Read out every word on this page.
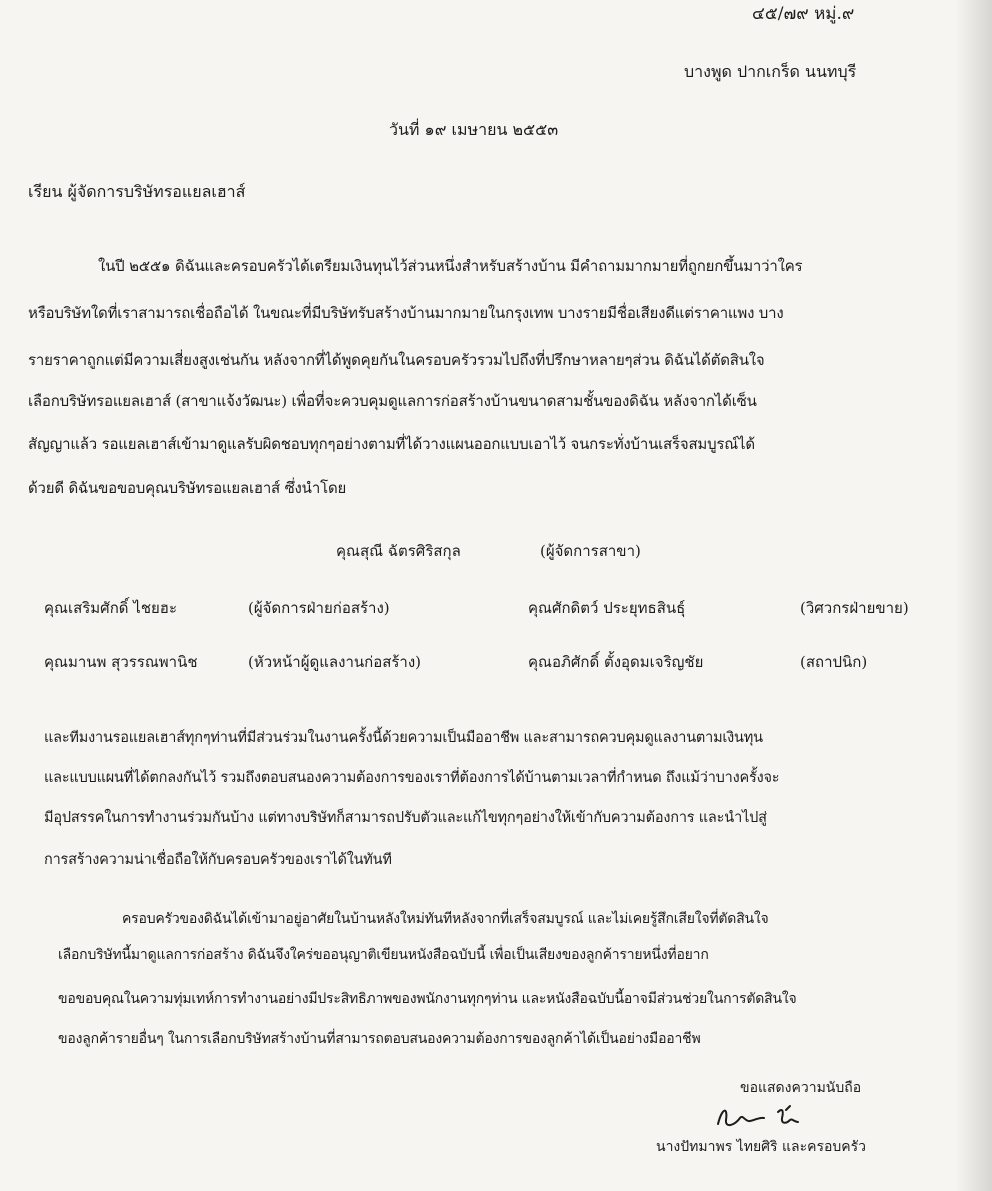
๔๕/๗๙ หมู่.๙
บางพูด ปากเกร็ด นนทบุรี
วันที่ ๑๙ เมษายน ๒๕๕๓
เรียน ผู้จัดการบริษัทรอแยลเฮาส์
ในปี ๒๕๕๑ ดิฉันและครอบครัวได้เตรียมเงินทุนไว้ส่วนหนึ่งสำหรับสร้างบ้าน มีคำถามมากมายที่ถูกยกขึ้นมาว่าใคร
หรือบริษัทใดที่เราสามารถเชื่อถือได้ ในขณะที่มีบริษัทรับสร้างบ้านมากมายในกรุงเทพ บางรายมีชื่อเสียงดีแต่ราคาแพง บาง
รายราคาถูกแต่มีความเสี่ยงสูงเช่นกัน หลังจากที่ได้พูดคุยกันในครอบครัวรวมไปถึงที่ปรึกษาหลายๆส่วน ดิฉันได้ตัดสินใจ
เลือกบริษัทรอแยลเฮาส์ (สาขาแจ้งวัฒนะ) เพื่อที่จะควบคุมดูแลการก่อสร้างบ้านขนาดสามชั้นของดิฉัน หลังจากได้เซ็น
สัญญาแล้ว รอแยลเฮาส์เข้ามาดูแลรับผิดชอบทุกๆอย่างตามที่ได้วางแผนออกแบบเอาไว้ จนกระทั่งบ้านเสร็จสมบูรณ์ได้
ด้วยดี ดิฉันขอขอบคุณบริษัทรอแยลเฮาส์ ซึ่งนำโดย
คุณสุณี ฉัตรศิริสกุล	(ผู้จัดการสาขา)
คุณเสริมศักดิ์ ไชยฮะ	(ผู้จัดการฝ่ายก่อสร้าง)	คุณศักดิตว์ ประยุทธสินธุ์	(วิศวกรฝ่ายขาย)
คุณมานพ สุวรรณพานิช	(หัวหน้าผู้ดูแลงานก่อสร้าง)	คุณอภิศักดิ์ ตั้งอุดมเจริญชัย	(สถาปนิก)
และทีมงานรอแยลเฮาส์ทุกๆท่านที่มีส่วนร่วมในงานครั้งนี้ด้วยความเป็นมืออาชีพ และสามารถควบคุมดูแลงานตามเงินทุน
และแบบแผนที่ได้ตกลงกันไว้ รวมถึงตอบสนองความต้องการของเราที่ต้องการได้บ้านตามเวลาที่กำหนด ถึงแม้ว่าบางครั้งจะ
มีอุปสรรคในการทำงานร่วมกันบ้าง แต่ทางบริษัทก็สามารถปรับตัวและแก้ไขทุกๆอย่างให้เข้ากับความต้องการ และนำไปสู่
การสร้างความน่าเชื่อถือให้กับครอบครัวของเราได้ในทันที
ครอบครัวของดิฉันได้เข้ามาอยู่อาศัยในบ้านหลังใหม่ทันทีหลังจากที่เสร็จสมบูรณ์ และไม่เคยรู้สึกเสียใจที่ตัดสินใจ
เลือกบริษัทนี้มาดูแลการก่อสร้าง ดิฉันจึงใคร่ขออนุญาติเขียนหนังสือฉบับนี้ เพื่อเป็นเสียงของลูกค้ารายหนึ่งที่อยาก
ขอขอบคุณในความทุ่มเทห์การทำงานอย่างมีประสิทธิภาพของพนักงานทุกๆท่าน และหนังสือฉบับนี้อาจมีส่วนช่วยในการตัดสินใจ
ของลูกค้ารายอื่นๆ ในการเลือกบริษัทสร้างบ้านที่สามารถตอบสนองความต้องการของลูกค้าได้เป็นอย่างมืออาชีพ
ขอแสดงความนับถือ
นางปัทมาพร ไทยศิริ และครอบครัว
